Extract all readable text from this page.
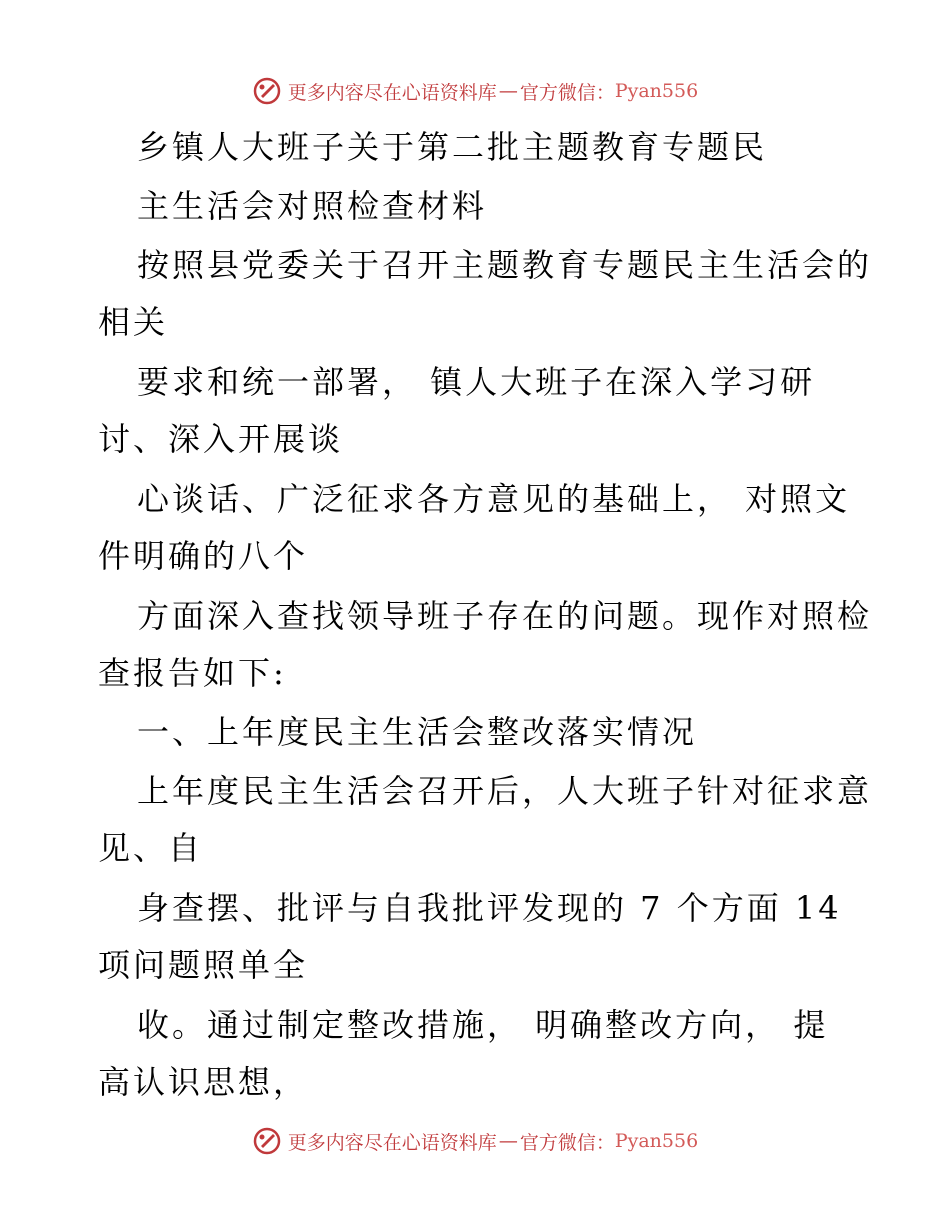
更多内容尽在心语资料库 — 官方微信： Pyan556
乡镇人大班子关于第二批主题教育专题民
主生活会对照检查材料
按照县党委关于召开主题教育专题民主生活会的
相关
要求和统一部署， 镇人大班子在深入学习研
讨、深入开展谈
心谈话、广泛征求各方意见的基础上， 对照文
件明确的八个
方面深入查找领导班子存在的问题。现作对照检
查报告如下:
一、上年度民主生活会整改落实情况
上年度民主生活会召开后，人大班子针对征求意
见、自
身查摆、批评与自我批评发现的 7 个方面 14
项问题照单全
收。通过制定整改措施， 明确整改方向， 提
高认识思想，
更多内容尽在心语资料库 — 官方微信： Pyan556
